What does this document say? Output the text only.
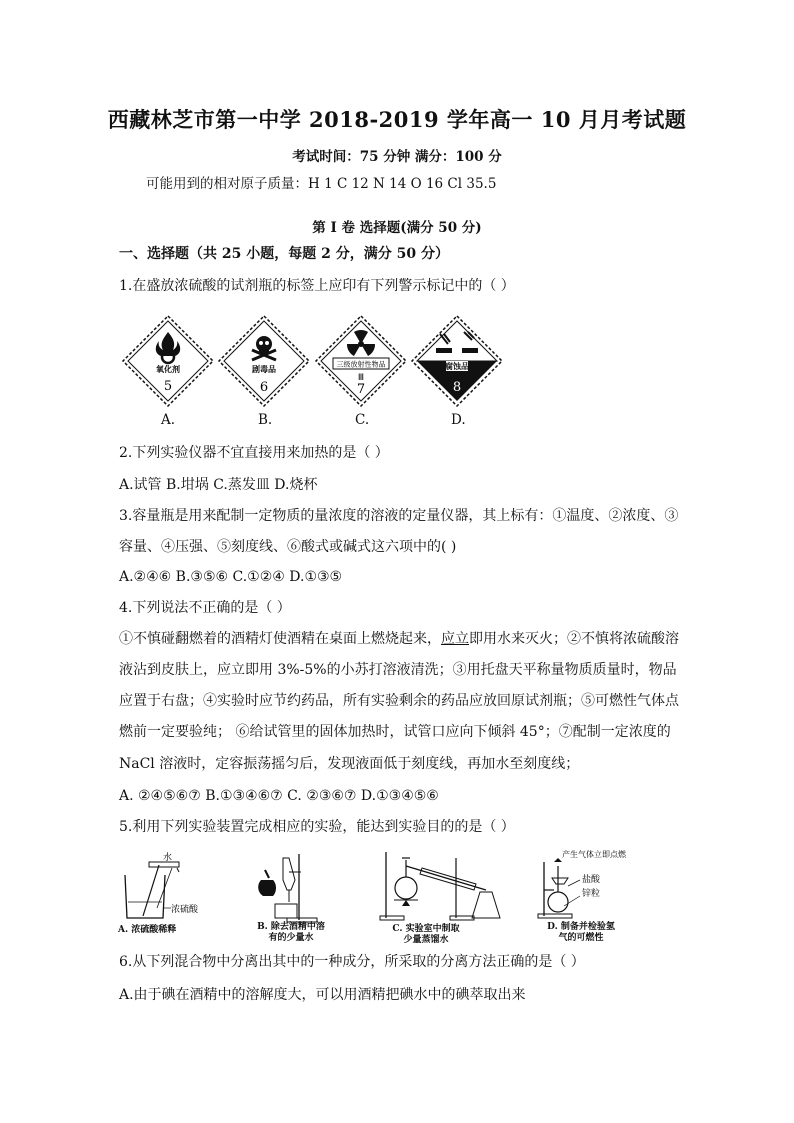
西藏林芝市第一中学 2018-2019 学年高一 10 月月考试题
考试时间：75 分钟 满分：100 分
可能用到的相对原子质量：H 1 C 12 N 14 O 16 Cl 35.5
第 I 卷 选择题(满分 50 分)
一、选择题（共 25 小题，每题 2 分，满分 50 分）
1.在盛放浓硫酸的试剂瓶的标签上应印有下列警示标记中的（ ）
氧化剂
5
剧毒品
6
三级放射性物品
Ⅲ
7
腐蚀品
8
A.	B.	C.	D.
2.下列实验仪器不宜直接用来加热的是（ ）
A.试管 B.坩埚 C.蒸发皿 D.烧杯
3.容量瓶是用来配制一定物质的量浓度的溶液的定量仪器，其上标有：①温度、②浓度、③
容量、④压强、⑤刻度线、⑥酸式或碱式这六项中的( )
A.②④⑥ B.③⑤⑥ C.①②④ D.①③⑤
4.下列说法不正确的是（ ）
①不慎碰翻燃着的酒精灯使酒精在桌面上燃烧起来，应立即用水来灭火；②不慎将浓硫酸溶
液沾到皮肤上，应立即用 3%-5%的小苏打溶液清洗；③用托盘天平称量物质质量时，物品
应置于右盘；④实验时应节约药品，所有实验剩余的药品应放回原试剂瓶；⑤可燃性气体点
燃前一定要验纯； ⑥给试管里的固体加热时，试管口应向下倾斜 45°；⑦配制一定浓度的
NaCl 溶液时，定容振荡摇匀后，发现液面低于刻度线，再加水至刻度线；
A. ②④⑤⑥⑦ B.①③④⑥⑦ C. ②③⑥⑦ D.①③④⑤⑥
5.利用下列实验装置完成相应的实验，能达到实验目的的是（ ）
水
浓硫酸
A. 浓硫酸稀释	B. 除去酒精中溶
有的少量水
C. 实验室中制取
少量蒸馏水
产生气体立即点燃
盐酸
锌粒
D. 制备并检验氢
气的可燃性
6.从下列混合物中分离出其中的一种成分，所采取的分离方法正确的是（ ）
A.由于碘在酒精中的溶解度大，可以用酒精把碘水中的碘萃取出来
